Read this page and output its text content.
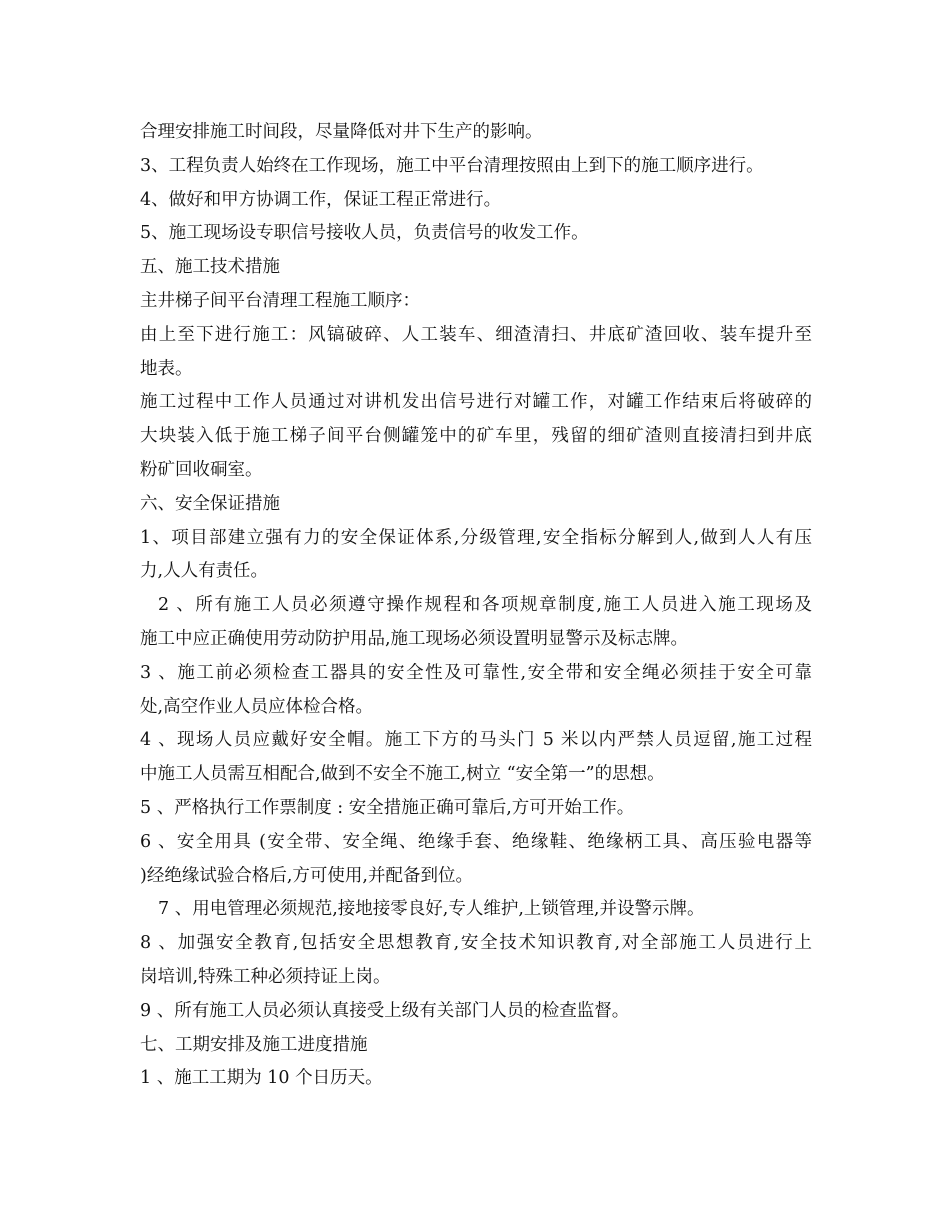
合理安排施工时间段，尽量降低对井下生产的影响。
3、工程负责人始终在工作现场，施工中平台清理按照由上到下的施工顺序进行。
4、做好和甲方协调工作，保证工程正常进行。
5、施工现场设专职信号接收人员，负责信号的收发工作。
五、施工技术措施
主井梯子间平台清理工程施工顺序：
由上至下进行施工：风镐破碎、人工装车、细渣清扫、井底矿渣回收、装车提升至
地表。
施工过程中工作人员通过对讲机发出信号进行对罐工作，对罐工作结束后将破碎的
大块装入低于施工梯子间平台侧罐笼中的矿车里，残留的细矿渣则直接清扫到井底
粉矿回收硐室。
六、安全保证措施
1、项目部建立强有力的安全保证体系,分级管理,安全指标分解到人,做到人人有压
力,人人有责任。
2 、所有施工人员必须遵守操作规程和各项规章制度,施工人员进入施工现场及
施工中应正确使用劳动防护用品,施工现场必须设置明显警示及标志牌。
3 、施工前必须检查工器具的安全性及可靠性,安全带和安全绳必须挂于安全可靠
处,高空作业人员应体检合格。
4 、现场人员应戴好安全帽。施工下方的马头门 5 米以内严禁人员逗留,施工过程
中施工人员需互相配合,做到不安全不施工,树立 “安全第一”的思想。
5 、严格执行工作票制度 : 安全措施正确可靠后,方可开始工作。
6 、安全用具 (安全带、安全绳、绝缘手套、绝缘鞋、绝缘柄工具、高压验电器等
)经绝缘试验合格后,方可使用,并配备到位。
7 、用电管理必须规范,接地接零良好,专人维护,上锁管理,并设警示牌。
8 、加强安全教育,包括安全思想教育,安全技术知识教育,对全部施工人员进行上
岗培训,特殊工种必须持证上岗。
9 、所有施工人员必须认真接受上级有关部门人员的检查监督。
七、工期安排及施工进度措施
1 、施工工期为 10 个日历天。
